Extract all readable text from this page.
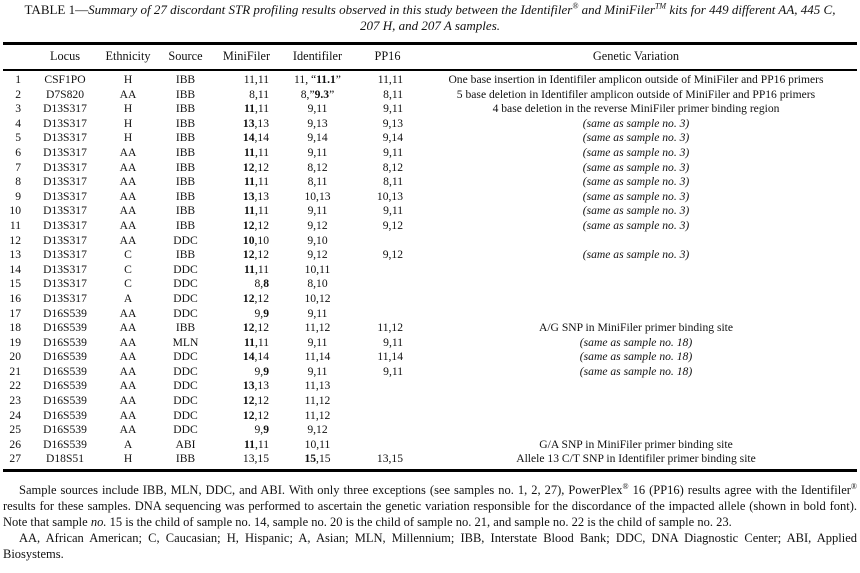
TABLE 1—Summary of 27 discordant STR profiling results observed in this study between the Identifiler® and MiniFiler™ kits for 449 different AA, 445 C,
207 H, and 207 A samples.
	Locus	Ethnicity	Source	MiniFiler	Identifiler	PP16	Genetic Variation
1	CSF1PO	H	IBB	11,11	11, “11.1”	11,11	One base insertion in Identifiler amplicon outside of MiniFiler and PP16 primers
2	D7S820	AA	IBB	8,11	8,”9.3”	8,11	5 base deletion in Identifiler amplicon outside of MiniFiler and PP16 primers
3	D13S317	H	IBB	11,11	9,11	9,11	4 base deletion in the reverse MiniFiler primer binding region
4	D13S317	H	IBB	13,13	9,13	9,13	(same as sample no. 3)
5	D13S317	H	IBB	14,14	9,14	9,14	(same as sample no. 3)
6	D13S317	AA	IBB	11,11	9,11	9,11	(same as sample no. 3)
7	D13S317	AA	IBB	12,12	8,12	8,12	(same as sample no. 3)
8	D13S317	AA	IBB	11,11	8,11	8,11	(same as sample no. 3)
9	D13S317	AA	IBB	13,13	10,13	10,13	(same as sample no. 3)
10	D13S317	AA	IBB	11,11	9,11	9,11	(same as sample no. 3)
11	D13S317	AA	IBB	12,12	9,12	9,12	(same as sample no. 3)
12	D13S317	AA	DDC	10,10	9,10		
13	D13S317	C	IBB	12,12	9,12	9,12	(same as sample no. 3)
14	D13S317	C	DDC	11,11	10,11		
15	D13S317	C	DDC	8,8	8,10		
16	D13S317	A	DDC	12,12	10,12		
17	D16S539	AA	DDC	9,9	9,11		
18	D16S539	AA	IBB	12,12	11,12	11,12	A/G SNP in MiniFiler primer binding site
19	D16S539	AA	MLN	11,11	9,11	9,11	(same as sample no. 18)
20	D16S539	AA	DDC	14,14	11,14	11,14	(same as sample no. 18)
21	D16S539	AA	DDC	9,9	9,11	9,11	(same as sample no. 18)
22	D16S539	AA	DDC	13,13	11,13		
23	D16S539	AA	DDC	12,12	11,12		
24	D16S539	AA	DDC	12,12	11,12		
25	D16S539	AA	DDC	9,9	9,12		
26	D16S539	A	ABI	11,11	10,11		G/A SNP in MiniFiler primer binding site
27	D18S51	H	IBB	13,15	15,15	13,15	Allele 13 C/T SNP in Identifiler primer binding site

Sample sources include IBB, MLN, DDC, and ABI. With only three exceptions (see samples no. 1, 2, 27), PowerPlex® 16 (PP16) results agree with the Identifiler® results for these samples. DNA sequencing was performed to ascertain the genetic variation responsible for the discordance of the impacted allele (shown in bold font). Note that sample no. 15 is the child of sample no. 14, sample no. 20 is the child of sample no. 21, and sample no. 22 is the child of sample no. 23.

AA, African American; C, Caucasian; H, Hispanic; A, Asian; MLN, Millennium; IBB, Interstate Blood Bank; DDC, DNA Diagnostic Center; ABI, Applied Biosystems.
